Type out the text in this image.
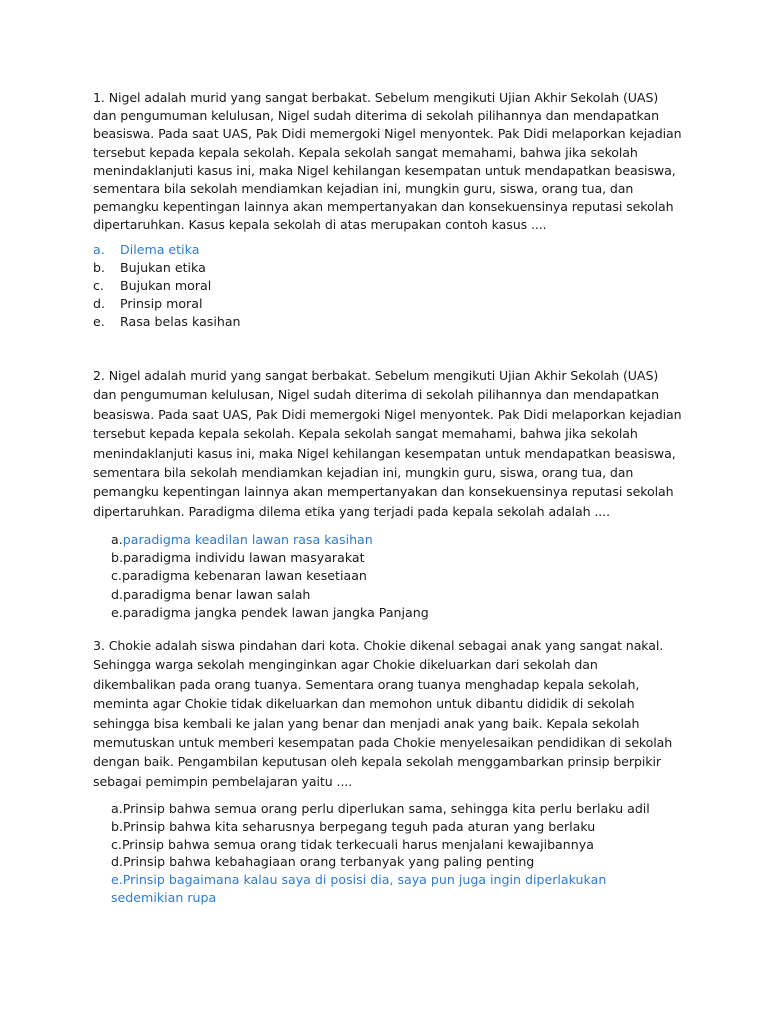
1. Nigel adalah murid yang sangat berbakat. Sebelum mengikuti Ujian Akhir Sekolah (UAS) dan pengumuman kelulusan, Nigel sudah diterima di sekolah pilihannya dan mendapatkan beasiswa. Pada saat UAS, Pak Didi memergoki Nigel menyontek. Pak Didi melaporkan kejadian tersebut kepada kepala sekolah. Kepala sekolah sangat memahami, bahwa jika sekolah menindaklanjuti kasus ini, maka Nigel kehilangan kesempatan untuk mendapatkan beasiswa, sementara bila sekolah mendiamkan kejadian ini, mungkin guru, siswa, orang tua, dan pemangku kepentingan lainnya akan mempertanyakan dan konsekuensinya reputasi sekolah dipertaruhkan. Kasus kepala sekolah di atas merupakan contoh kasus ....

a.	Dilema etika
b.	Bujukan etika
c.	Bujukan moral
d.	Prinsip moral
e.	Rasa belas kasihan

2. Nigel adalah murid yang sangat berbakat. Sebelum mengikuti Ujian Akhir Sekolah (UAS) dan pengumuman kelulusan, Nigel sudah diterima di sekolah pilihannya dan mendapatkan beasiswa. Pada saat UAS, Pak Didi memergoki Nigel menyontek. Pak Didi melaporkan kejadian tersebut kepada kepala sekolah. Kepala sekolah sangat memahami, bahwa jika sekolah menindaklanjuti kasus ini, maka Nigel kehilangan kesempatan untuk mendapatkan beasiswa, sementara bila sekolah mendiamkan kejadian ini, mungkin guru, siswa, orang tua, dan pemangku kepentingan lainnya akan mempertanyakan dan konsekuensinya reputasi sekolah dipertaruhkan. Paradigma dilema etika yang terjadi pada kepala sekolah adalah ....

a. paradigma keadilan lawan rasa kasihan
b. paradigma individu lawan masyarakat
c. paradigma kebenaran lawan kesetiaan
d. paradigma benar lawan salah
e. paradigma jangka pendek lawan jangka Panjang

3. Chokie adalah siswa pindahan dari kota. Chokie dikenal sebagai anak yang sangat nakal. Sehingga warga sekolah menginginkan agar Chokie dikeluarkan dari sekolah dan dikembalikan pada orang tuanya. Sementara orang tuanya menghadap kepala sekolah, meminta agar Chokie tidak dikeluarkan dan memohon untuk dibantu dididik di sekolah sehingga bisa kembali ke jalan yang benar dan menjadi anak yang baik. Kepala sekolah memutuskan untuk memberi kesempatan pada Chokie menyelesaikan pendidikan di sekolah dengan baik. Pengambilan keputusan oleh kepala sekolah menggambarkan prinsip berpikir sebagai pemimpin pembelajaran yaitu ....

a.Prinsip bahwa semua orang perlu diperlukan sama, sehingga kita perlu berlaku adil
b.Prinsip bahwa kita seharusnya berpegang teguh pada aturan yang berlaku
c.Prinsip bahwa semua orang tidak terkecuali harus menjalani kewajibannya
d.Prinsip bahwa kebahagiaan orang terbanyak yang paling penting
e.Prinsip bagaimana kalau saya di posisi dia, saya pun juga ingin diperlakukan sedemikian rupa
